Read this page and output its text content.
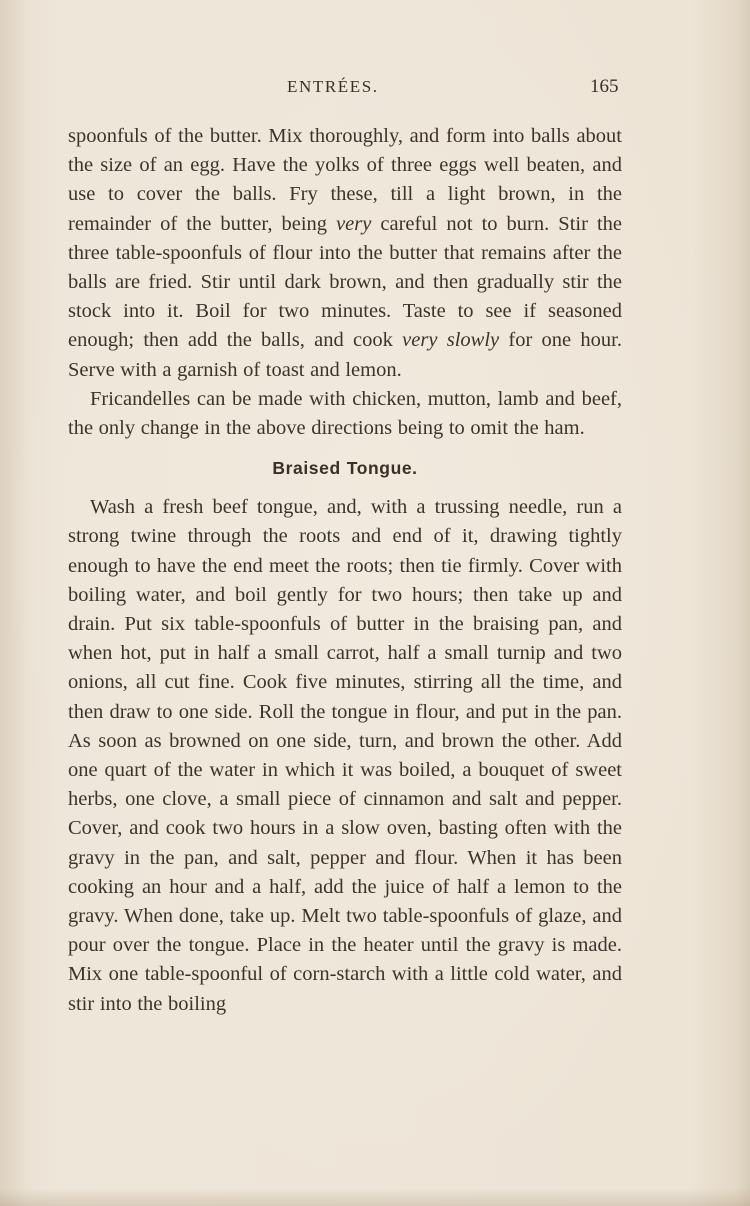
ENTRÉES.	165

spoonfuls of the butter. Mix thoroughly, and form into balls about the size of an egg. Have the yolks of three eggs well beaten, and use to cover the balls. Fry these, till a light brown, in the remainder of the butter, being very careful not to burn. Stir the three table-spoonfuls of flour into the butter that remains after the balls are fried. Stir until dark brown, and then gradually stir the stock into it. Boil for two minutes. Taste to see if seasoned enough; then add the balls, and cook very slowly for one hour. Serve with a garnish of toast and lemon.

Fricandelles can be made with chicken, mutton, lamb and beef, the only change in the above directions being to omit the ham.

Braised Tongue.

Wash a fresh beef tongue, and, with a trussing needle, run a strong twine through the roots and end of it, drawing tightly enough to have the end meet the roots; then tie firmly. Cover with boiling water, and boil gently for two hours; then take up and drain. Put six table-spoonfuls of butter in the braising pan, and when hot, put in half a small carrot, half a small turnip and two onions, all cut fine. Cook five minutes, stirring all the time, and then draw to one side. Roll the tongue in flour, and put in the pan. As soon as browned on one side, turn, and brown the other. Add one quart of the water in which it was boiled, a bouquet of sweet herbs, one clove, a small piece of cinnamon and salt and pepper. Cover, and cook two hours in a slow oven, basting often with the gravy in the pan, and salt, pepper and flour. When it has been cooking an hour and a half, add the juice of half a lemon to the gravy. When done, take up. Melt two table-spoonfuls of glaze, and pour over the tongue. Place in the heater until the gravy is made. Mix one table-spoonful of corn-starch with a little cold water, and stir into the boiling
